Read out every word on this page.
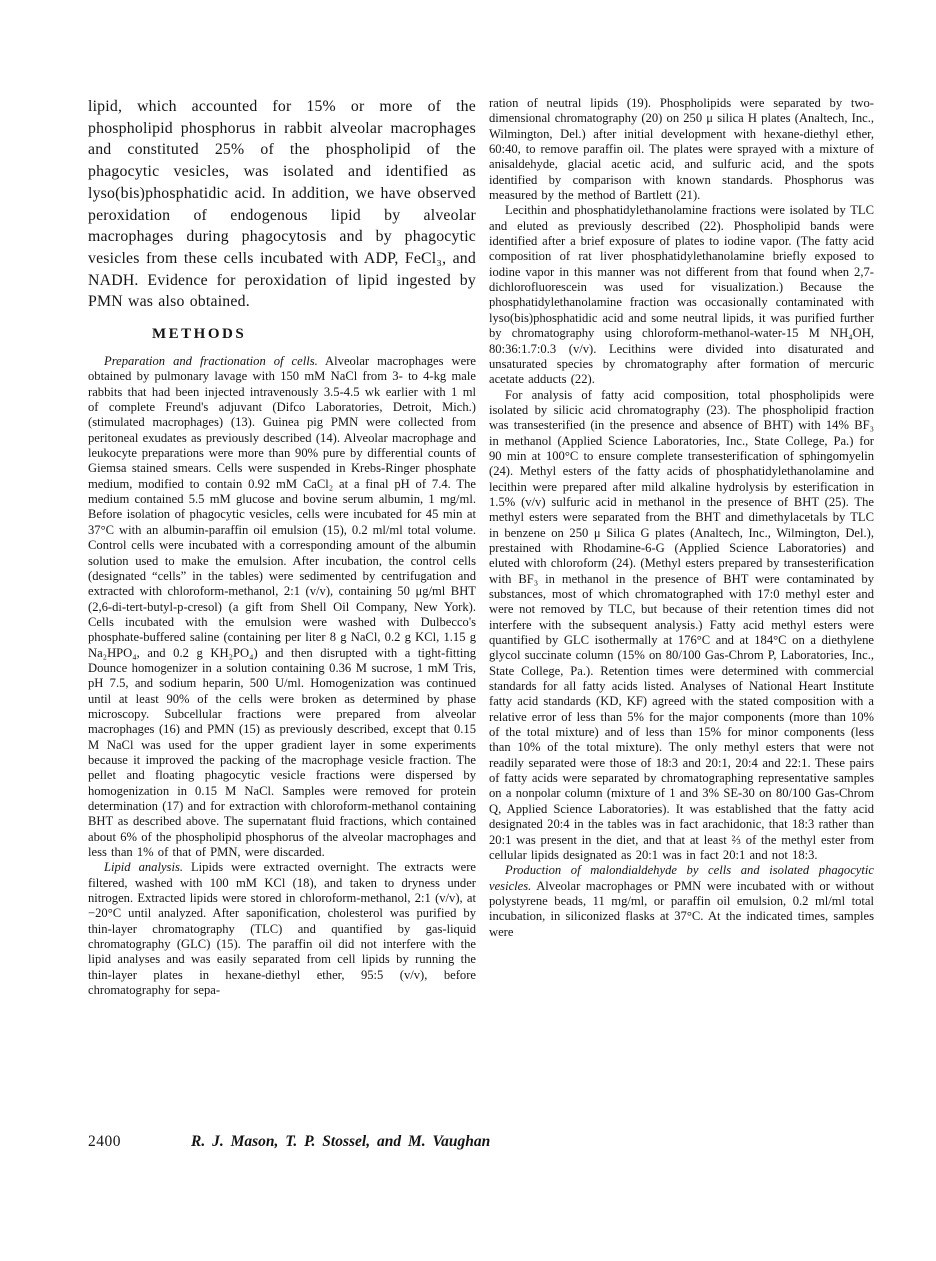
lipid, which accounted for 15% or more of the phospholipid phosphorus in rabbit alveolar macrophages and constituted 25% of the phospholipid of the phagocytic vesicles, was isolated and identified as lyso(bis)phosphatidic acid. In addition, we have observed peroxidation of endogenous lipid by alveolar macrophages during phagocytosis and by phagocytic vesicles from these cells incubated with ADP, FeCl₃, and NADH. Evidence for peroxidation of lipid ingested by PMN was also obtained.

METHODS

Preparation and fractionation of cells. Alveolar macrophages were obtained by pulmonary lavage with 150 mM NaCl from 3- to 4-kg male rabbits that had been injected intravenously 3.5-4.5 wk earlier with 1 ml of complete Freund's adjuvant (Difco Laboratories, Detroit, Mich.) (stimulated macrophages) (13). Guinea pig PMN were collected from peritoneal exudates as previously described (14). Alveolar macrophage and leukocyte preparations were more than 90% pure by differential counts of Giemsa stained smears. Cells were suspended in Krebs-Ringer phosphate medium, modified to contain 0.92 mM CaCl₂ at a final pH of 7.4. The medium contained 5.5 mM glucose and bovine serum albumin, 1 mg/ml. Before isolation of phagocytic vesicles, cells were incubated for 45 min at 37°C with an albumin-paraffin oil emulsion (15), 0.2 ml/ml total volume. Control cells were incubated with a corresponding amount of the albumin solution used to make the emulsion. After incubation, the control cells (designated “cells” in the tables) were sedimented by centrifugation and extracted with chloroform-methanol, 2:1 (v/v), containing 50 μg/ml BHT (2,6-di-tert-butyl-p-cresol) (a gift from Shell Oil Company, New York). Cells incubated with the emulsion were washed with Dulbecco's phosphate-buffered saline (containing per liter 8 g NaCl, 0.2 g KCl, 1.15 g Na₂HPO₄, and 0.2 g KH₂PO₄) and then disrupted with a tight-fitting Dounce homogenizer in a solution containing 0.36 M sucrose, 1 mM Tris, pH 7.5, and sodium heparin, 500 U/ml. Homogenization was continued until at least 90% of the cells were broken as determined by phase microscopy. Subcellular fractions were prepared from alveolar macrophages (16) and PMN (15) as previously described, except that 0.15 M NaCl was used for the upper gradient layer in some experiments because it improved the packing of the macrophage vesicle fraction. The pellet and floating phagocytic vesicle fractions were dispersed by homogenization in 0.15 M NaCl. Samples were removed for protein determination (17) and for extraction with chloroform-methanol containing BHT as described above. The supernatant fluid fractions, which contained about 6% of the phospholipid phosphorus of the alveolar macrophages and less than 1% of that of PMN, were discarded.

Lipid analysis. Lipids were extracted overnight. The extracts were filtered, washed with 100 mM KCl (18), and taken to dryness under nitrogen. Extracted lipids were stored in chloroform-methanol, 2:1 (v/v), at −20°C until analyzed. After saponification, cholesterol was purified by thin-layer chromatography (TLC) and quantified by gas-liquid chromatography (GLC) (15). The paraffin oil did not interfere with the lipid analyses and was easily separated from cell lipids by running the thin-layer plates in hexane-diethyl ether, 95:5 (v/v), before chromatography for sepa-

ration of neutral lipids (19). Phospholipids were separated by two-dimensional chromatography (20) on 250 μ silica H plates (Analtech, Inc., Wilmington, Del.) after initial development with hexane-diethyl ether, 60:40, to remove paraffin oil. The plates were sprayed with a mixture of anisaldehyde, glacial acetic acid, and sulfuric acid, and the spots identified by comparison with known standards. Phosphorus was measured by the method of Bartlett (21).

Lecithin and phosphatidylethanolamine fractions were isolated by TLC and eluted as previously described (22). Phospholipid bands were identified after a brief exposure of plates to iodine vapor. (The fatty acid composition of rat liver phosphatidylethanolamine briefly exposed to iodine vapor in this manner was not different from that found when 2,7-dichlorofluorescein was used for visualization.) Because the phosphatidylethanolamine fraction was occasionally contaminated with lyso(bis)phosphatidic acid and some neutral lipids, it was purified further by chromatography using chloroform-methanol-water-15 M NH₄OH, 80:36:1.7:0.3 (v/v). Lecithins were divided into disaturated and unsaturated species by chromatography after formation of mercuric acetate adducts (22).

For analysis of fatty acid composition, total phospholipids were isolated by silicic acid chromatography (23). The phospholipid fraction was transesterified (in the presence and absence of BHT) with 14% BF₃ in methanol (Applied Science Laboratories, Inc., State College, Pa.) for 90 min at 100°C to ensure complete transesterification of sphingomyelin (24). Methyl esters of the fatty acids of phosphatidylethanolamine and lecithin were prepared after mild alkaline hydrolysis by esterification in 1.5% (v/v) sulfuric acid in methanol in the presence of BHT (25). The methyl esters were separated from the BHT and dimethylacetals by TLC in benzene on 250 μ Silica G plates (Analtech, Inc., Wilmington, Del.), prestained with Rhodamine-6-G (Applied Science Laboratories) and eluted with chloroform (24). (Methyl esters prepared by transesterification with BF₃ in methanol in the presence of BHT were contaminated by substances, most of which chromatographed with 17:0 methyl ester and were not removed by TLC, but because of their retention times did not interfere with the subsequent analysis.) Fatty acid methyl esters were quantified by GLC isothermally at 176°C and at 184°C on a diethylene glycol succinate column (15% on 80/100 Gas-Chrom P, Laboratories, Inc., State College, Pa.). Retention times were determined with commercial standards for all fatty acids listed. Analyses of National Heart Institute fatty acid standards (KD, KF) agreed with the stated composition with a relative error of less than 5% for the major components (more than 10% of the total mixture) and of less than 15% for minor components (less than 10% of the total mixture). The only methyl esters that were not readily separated were those of 18:3 and 20:1, 20:4 and 22:1. These pairs of fatty acids were separated by chromatographing representative samples on a nonpolar column (mixture of 1 and 3% SE-30 on 80/100 Gas-Chrom Q, Applied Science Laboratories). It was established that the fatty acid designated 20:4 in the tables was in fact arachidonic, that 18:3 rather than 20:1 was present in the diet, and that at least ⅔ of the methyl ester from cellular lipids designated as 20:1 was in fact 20:1 and not 18:3.

Production of malondialdehyde by cells and isolated phagocytic vesicles. Alveolar macrophages or PMN were incubated with or without polystyrene beads, 11 mg/ml, or paraffin oil emulsion, 0.2 ml/ml total incubation, in siliconized flasks at 37°C. At the indicated times, samples were

2400	R. J. Mason, T. P. Stossel, and M. Vaughan
